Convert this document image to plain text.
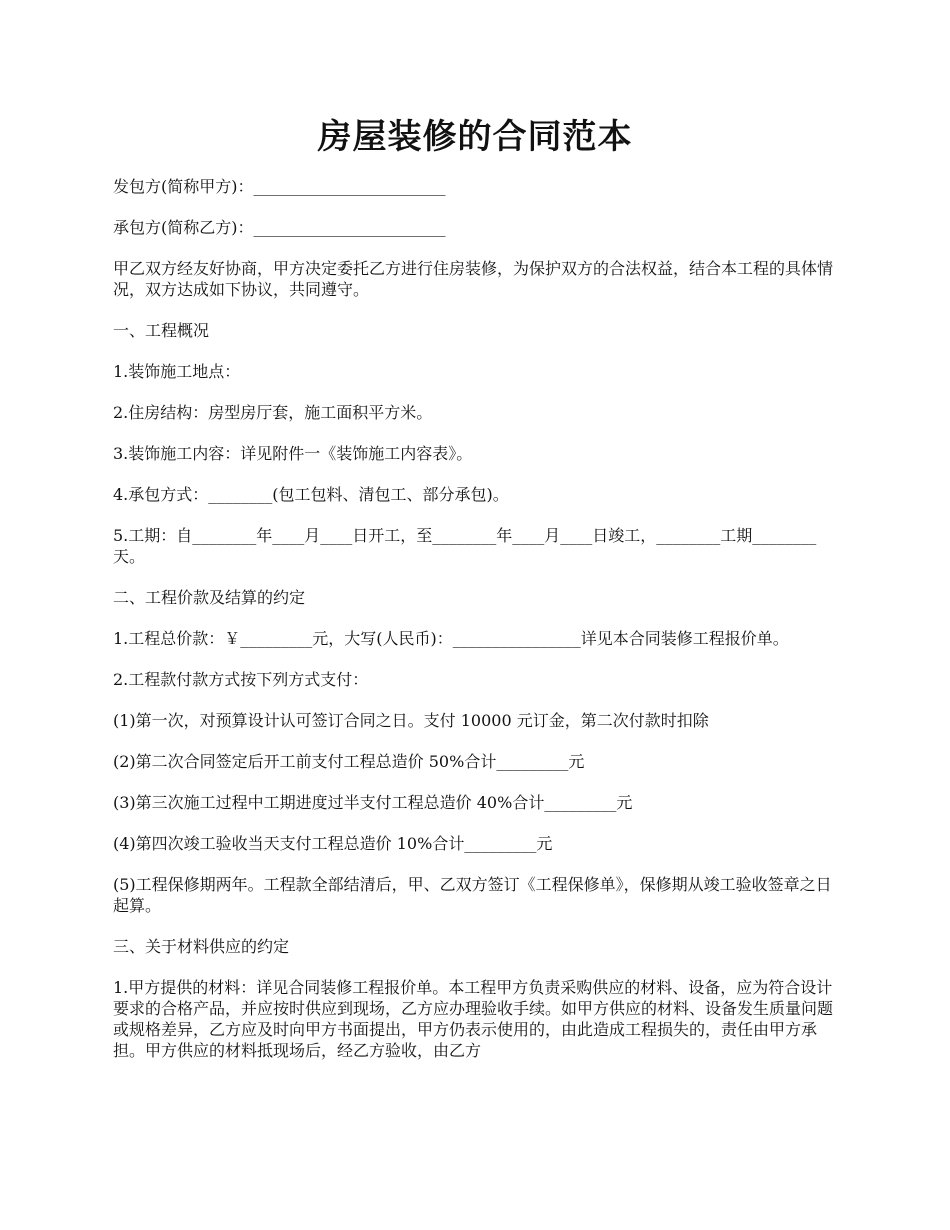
房屋装修的合同范本

发包方(简称甲方)：________________________

承包方(简称乙方)：________________________

甲乙双方经友好协商，甲方决定委托乙方进行住房装修，为保护双方的合法权益，结合本工程的具体情况，双方达成如下协议，共同遵守。

一、工程概况

1.装饰施工地点：

2.住房结构：房型房厅套，施工面积平方米。

3.装饰施工内容：详见附件一《装饰施工内容表》。

4.承包方式：________(包工包料、清包工、部分承包)。

5.工期：自________年____月____日开工，至________年____月____日竣工，________工期________天。

二、工程价款及结算的约定

1.工程总价款：￥_________元，大写(人民币)：________________详见本合同装修工程报价单。

2.工程款付款方式按下列方式支付：

(1)第一次，对预算设计认可签订合同之日。支付 10000 元订金，第二次付款时扣除

(2)第二次合同签定后开工前支付工程总造价 50%合计_________元

(3)第三次施工过程中工期进度过半支付工程总造价 40%合计_________元

(4)第四次竣工验收当天支付工程总造价 10%合计_________元

(5)工程保修期两年。工程款全部结清后，甲、乙双方签订《工程保修单》，保修期从竣工验收签章之日起算。

三、关于材料供应的约定

1.甲方提供的材料：详见合同装修工程报价单。本工程甲方负责采购供应的材料、设备，应为符合设计要求的合格产品，并应按时供应到现场，乙方应办理验收手续。如甲方供应的材料、设备发生质量问题或规格差异，乙方应及时向甲方书面提出，甲方仍表示使用的，由此造成工程损失的，责任由甲方承担。甲方供应的材料抵现场后，经乙方验收，由乙方
